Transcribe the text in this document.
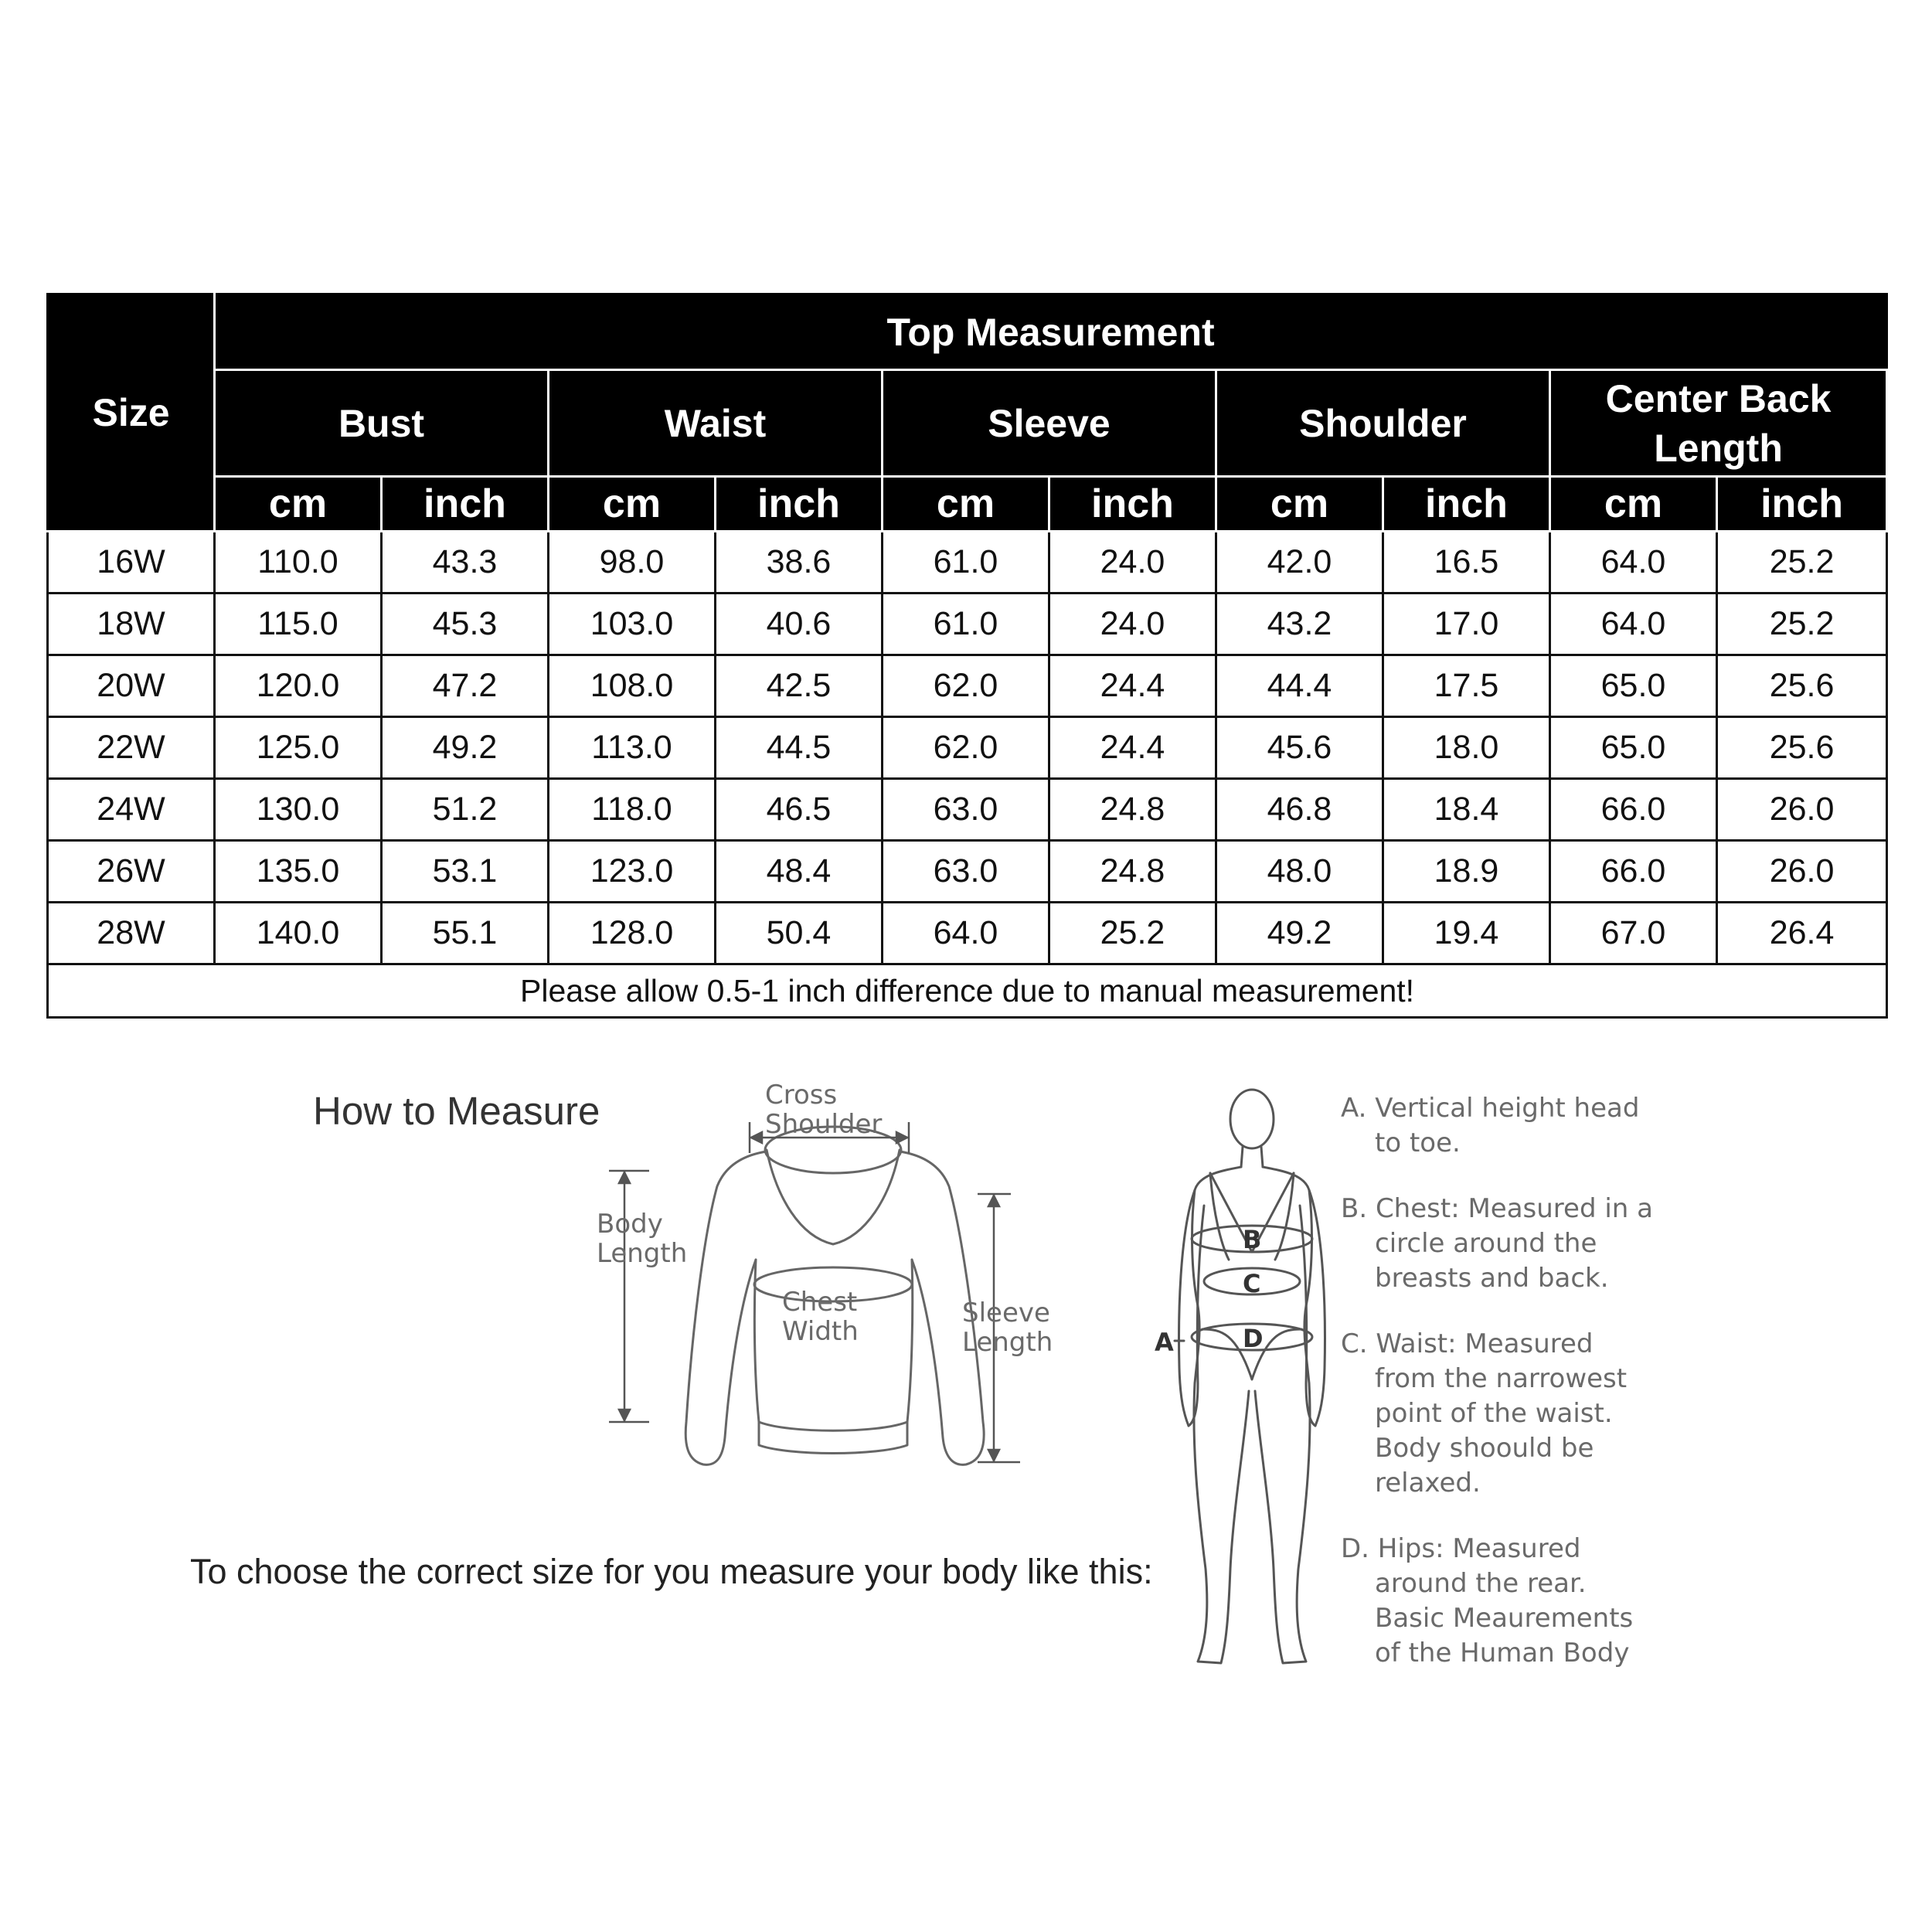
Size	Top Measurement									
	Bust		Waist		Sleeve		Shoulder		Center Back Length	
	cm	inch	cm	inch	cm	inch	cm	inch	cm	inch
16W	110.0	43.3	98.0	38.6	61.0	24.0	42.0	16.5	64.0	25.2
18W	115.0	45.3	103.0	40.6	61.0	24.0	43.2	17.0	64.0	25.2
20W	120.0	47.2	108.0	42.5	62.0	24.4	44.4	17.5	65.0	25.6
22W	125.0	49.2	113.0	44.5	62.0	24.4	45.6	18.0	65.0	25.6
24W	130.0	51.2	118.0	46.5	63.0	24.8	46.8	18.4	66.0	26.0
26W	135.0	53.1	123.0	48.4	63.0	24.8	48.0	18.9	66.0	26.0
28W	140.0	55.1	128.0	50.4	64.0	25.2	49.2	19.4	67.0	26.4
Please allow 0.5-1 inch difference due to manual measurement!										
How to Measure	Cross
Shoulder
Body
Length
Chest
Width
Sleeve
Length
To choose the correct size for you measure your body like this:
B
C
D
A
A. Vertical height head
to toe.
B. Chest: Measured in a
circle around the
breasts and back.
C. Waist: Measured
from the narrowest
point of the waist.
Body shoould be
relaxed.
D. Hips: Measured
around the rear.
Basic Meaurements
of the Human Body
